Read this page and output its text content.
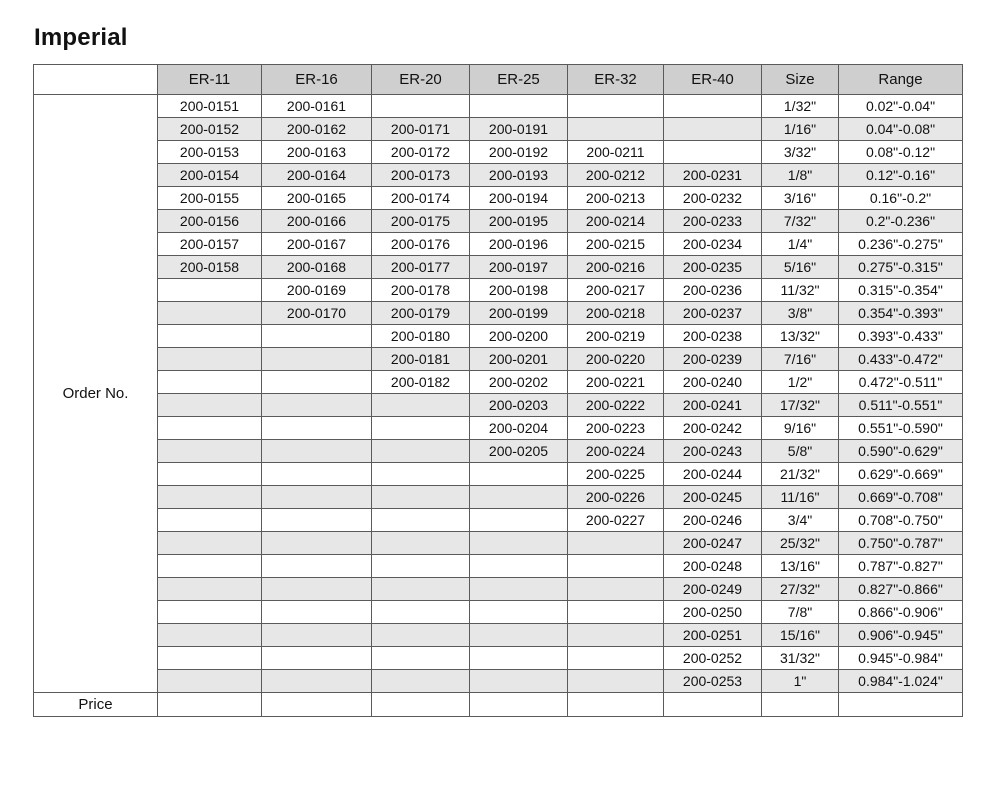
Imperial
	ER-11	ER-16	ER-20	ER-25	ER-32	ER-40	Size	Range
Order No.	200-0151	200-0161					1/32"	0.02"-0.04"
	200-0152	200-0162	200-0171	200-0191			1/16"	0.04"-0.08"
	200-0153	200-0163	200-0172	200-0192	200-0211		3/32"	0.08"-0.12"
	200-0154	200-0164	200-0173	200-0193	200-0212	200-0231	1/8"	0.12"-0.16"
	200-0155	200-0165	200-0174	200-0194	200-0213	200-0232	3/16"	0.16"-0.2"
	200-0156	200-0166	200-0175	200-0195	200-0214	200-0233	7/32"	0.2"-0.236"
	200-0157	200-0167	200-0176	200-0196	200-0215	200-0234	1/4"	0.236"-0.275"
	200-0158	200-0168	200-0177	200-0197	200-0216	200-0235	5/16"	0.275"-0.315"
		200-0169	200-0178	200-0198	200-0217	200-0236	11/32"	0.315"-0.354"
		200-0170	200-0179	200-0199	200-0218	200-0237	3/8"	0.354"-0.393"
			200-0180	200-0200	200-0219	200-0238	13/32"	0.393"-0.433"
			200-0181	200-0201	200-0220	200-0239	7/16"	0.433"-0.472"
			200-0182	200-0202	200-0221	200-0240	1/2"	0.472"-0.511"
				200-0203	200-0222	200-0241	17/32"	0.511"-0.551"
				200-0204	200-0223	200-0242	9/16"	0.551"-0.590"
				200-0205	200-0224	200-0243	5/8"	0.590"-0.629"
					200-0225	200-0244	21/32"	0.629"-0.669"
					200-0226	200-0245	11/16"	0.669"-0.708"
					200-0227	200-0246	3/4"	0.708"-0.750"
						200-0247	25/32"	0.750"-0.787"
						200-0248	13/16"	0.787"-0.827"
						200-0249	27/32"	0.827"-0.866"
						200-0250	7/8"	0.866"-0.906"
						200-0251	15/16"	0.906"-0.945"
						200-0252	31/32"	0.945"-0.984"
						200-0253	1"	0.984"-1.024"
Price								
